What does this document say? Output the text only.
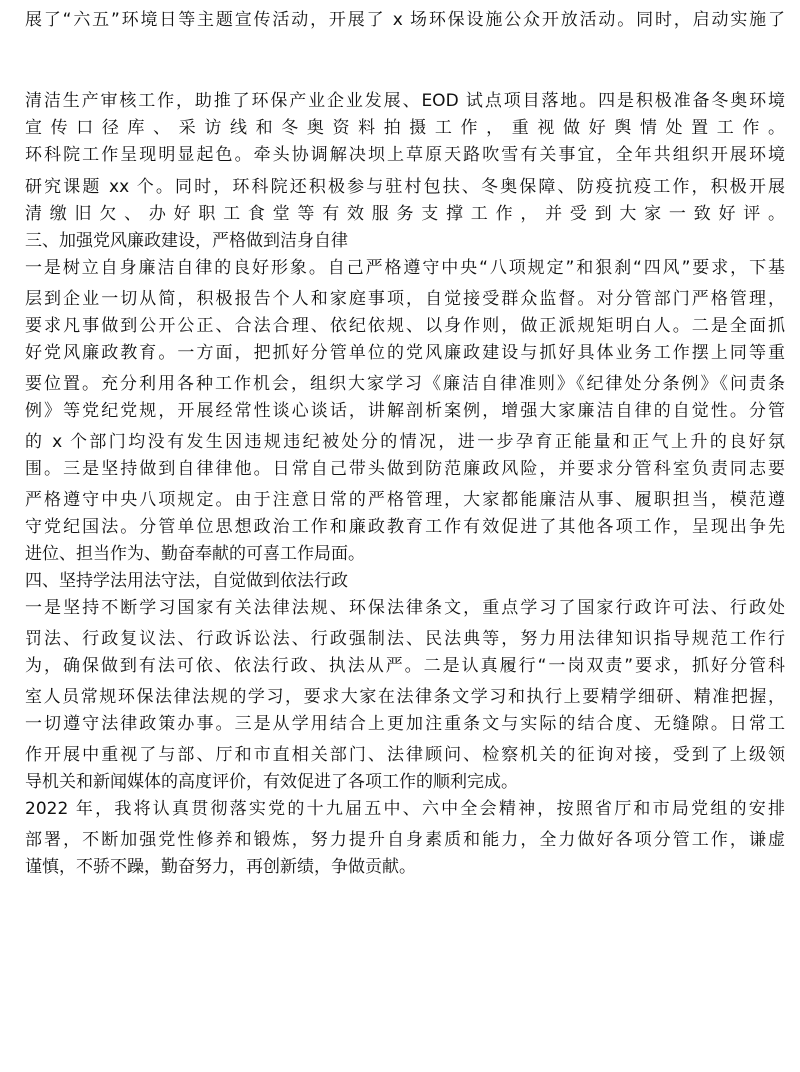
展了“六五”环境日等主题宣传活动，开展了 x 场环保设施公众开放活动。同时，启动实施了
清洁生产审核工作，助推了环保产业企业发展、EOD 试点项目落地。四是积极准备冬奥环境
宣传口径库、采访线和冬奥资料拍摄工作，重视做好舆情处置工作。
环科院工作呈现明显起色。牵头协调解决坝上草原天路吹雪有关事宜，全年共组织开展环境
研究课题 xx 个。同时，环科院还积极参与驻村包扶、冬奥保障、防疫抗疫工作，积极开展
清缴旧欠、办好职工食堂等有效服务支撑工作，并受到大家一致好评。
三、加强党风廉政建设，严格做到洁身自律
一是树立自身廉洁自律的良好形象。自己严格遵守中央“八项规定”和狠刹“四风”要求，下基
层到企业一切从简，积极报告个人和家庭事项，自觉接受群众监督。对分管部门严格管理，
要求凡事做到公开公正、合法合理、依纪依规、以身作则，做正派规矩明白人。二是全面抓
好党风廉政教育。一方面，把抓好分管单位的党风廉政建设与抓好具体业务工作摆上同等重
要位置。充分利用各种工作机会，组织大家学习《廉洁自律准则》《纪律处分条例》《问责条
例》等党纪党规，开展经常性谈心谈话，讲解剖析案例，增强大家廉洁自律的自觉性。分管
的 x 个部门均没有发生因违规违纪被处分的情况，进一步孕育正能量和正气上升的良好氛
围。三是坚持做到自律律他。日常自己带头做到防范廉政风险，并要求分管科室负责同志要
严格遵守中央八项规定。由于注意日常的严格管理，大家都能廉洁从事、履职担当，模范遵
守党纪国法。分管单位思想政治工作和廉政教育工作有效促进了其他各项工作，呈现出争先
进位、担当作为、勤奋奉献的可喜工作局面。
四、坚持学法用法守法，自觉做到依法行政
一是坚持不断学习国家有关法律法规、环保法律条文，重点学习了国家行政许可法、行政处
罚法、行政复议法、行政诉讼法、行政强制法、民法典等，努力用法律知识指导规范工作行
为，确保做到有法可依、依法行政、执法从严。二是认真履行“一岗双责”要求，抓好分管科
室人员常规环保法律法规的学习，要求大家在法律条文学习和执行上要精学细研、精准把握，
一切遵守法律政策办事。三是从学用结合上更加注重条文与实际的结合度、无缝隙。日常工
作开展中重视了与部、厅和市直相关部门、法律顾问、检察机关的征询对接，受到了上级领
导机关和新闻媒体的高度评价，有效促进了各项工作的顺利完成。
2022 年，我将认真贯彻落实党的十九届五中、六中全会精神，按照省厅和市局党组的安排
部署，不断加强党性修养和锻炼，努力提升自身素质和能力，全力做好各项分管工作，谦虚
谨慎，不骄不躁，勤奋努力，再创新绩，争做贡献。
